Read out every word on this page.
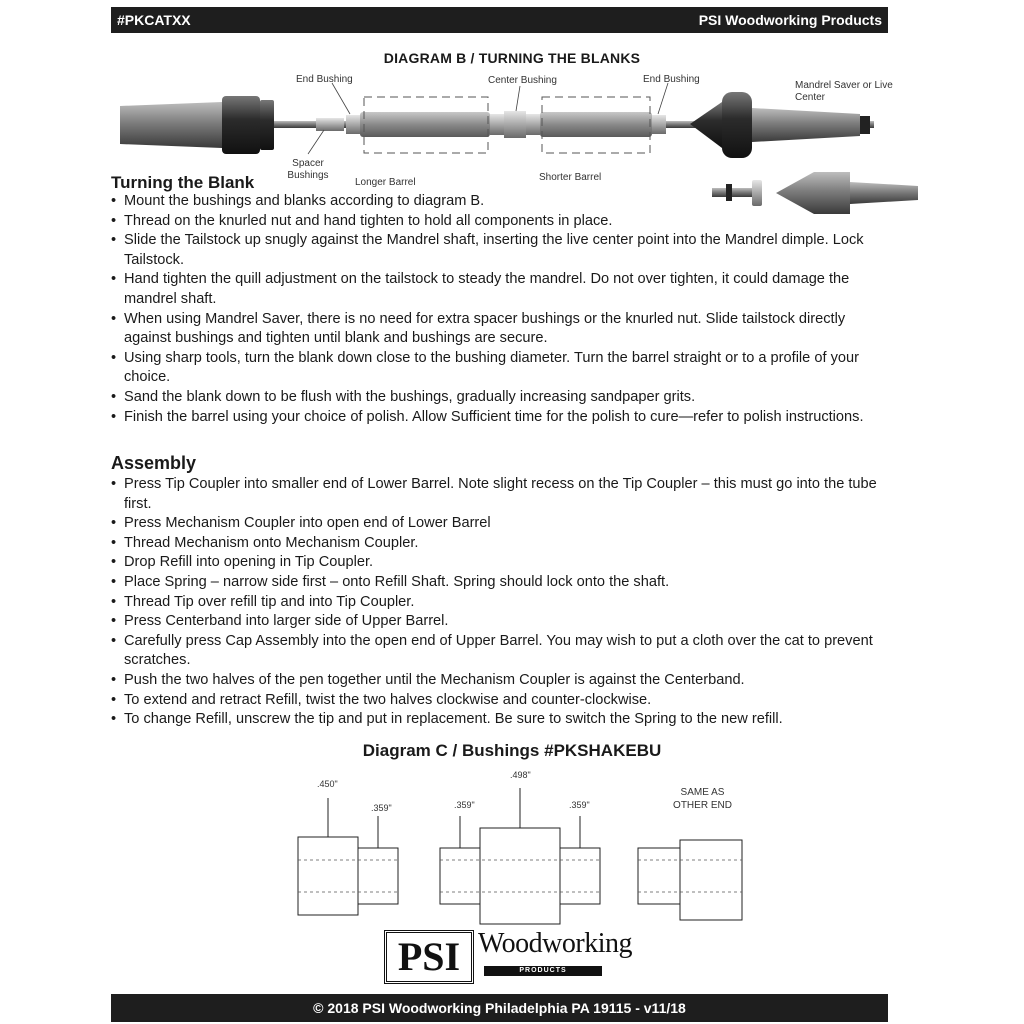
#PKCATXX	PSI Woodworking Products
DIAGRAM B / TURNING THE BLANKS
End Bushing	Center Bushing	End Bushing
Mandrel Saver or Live Center
Spacer Bushings
Longer Barrel	Shorter Barrel
Turning the Blank
• Mount the bushings and blanks according to diagram B.
• Thread on the knurled nut and hand tighten to hold all components in place.
• Slide the Tailstock up snugly against the Mandrel shaft, inserting the live center point into the Mandrel dimple. Lock Tailstock.
• Hand tighten the quill adjustment on the tailstock to steady the mandrel. Do not over tighten, it could damage the mandrel shaft.
• When using Mandrel Saver, there is no need for extra spacer bushings or the knurled nut. Slide tailstock directly against bushings and tighten until blank and bushings are secure.
• Using sharp tools, turn the blank down close to the bushing diameter. Turn the barrel straight or to a profile of your choice.
• Sand the blank down to be flush with the bushings, gradually increasing sandpaper grits.
• Finish the barrel using your choice of polish. Allow Sufficient time for the polish to cure—refer to polish instructions.
Assembly
• Press Tip Coupler into smaller end of Lower Barrel. Note slight recess on the Tip Coupler – this must go into the tube first.
• Press Mechanism Coupler into open end of Lower Barrel
• Thread Mechanism onto Mechanism Coupler.
• Drop Refill into opening in Tip Coupler.
• Place Spring – narrow side first – onto Refill Shaft. Spring should lock onto the shaft.
• Thread Tip over refill tip and into Tip Coupler.
• Press Centerband into larger side of Upper Barrel.
• Carefully press Cap Assembly into the open end of Upper Barrel. You may wish to put a cloth over the cat to prevent scratches.
• Push the two halves of the pen together until the Mechanism Coupler is against the Centerband.
• To extend and retract Refill, twist the two halves clockwise and counter-clockwise.
• To change Refill, unscrew the tip and put in replacement. Be sure to switch the Spring to the new refill.
Diagram C / Bushings #PKSHAKEBU
.450"
.359"	.359"
.498"
.359"
SAME AS OTHER END
PSI Woodworking
PRODUCTS
© 2018 PSI Woodworking Philadelphia PA 19115 - v11/18
